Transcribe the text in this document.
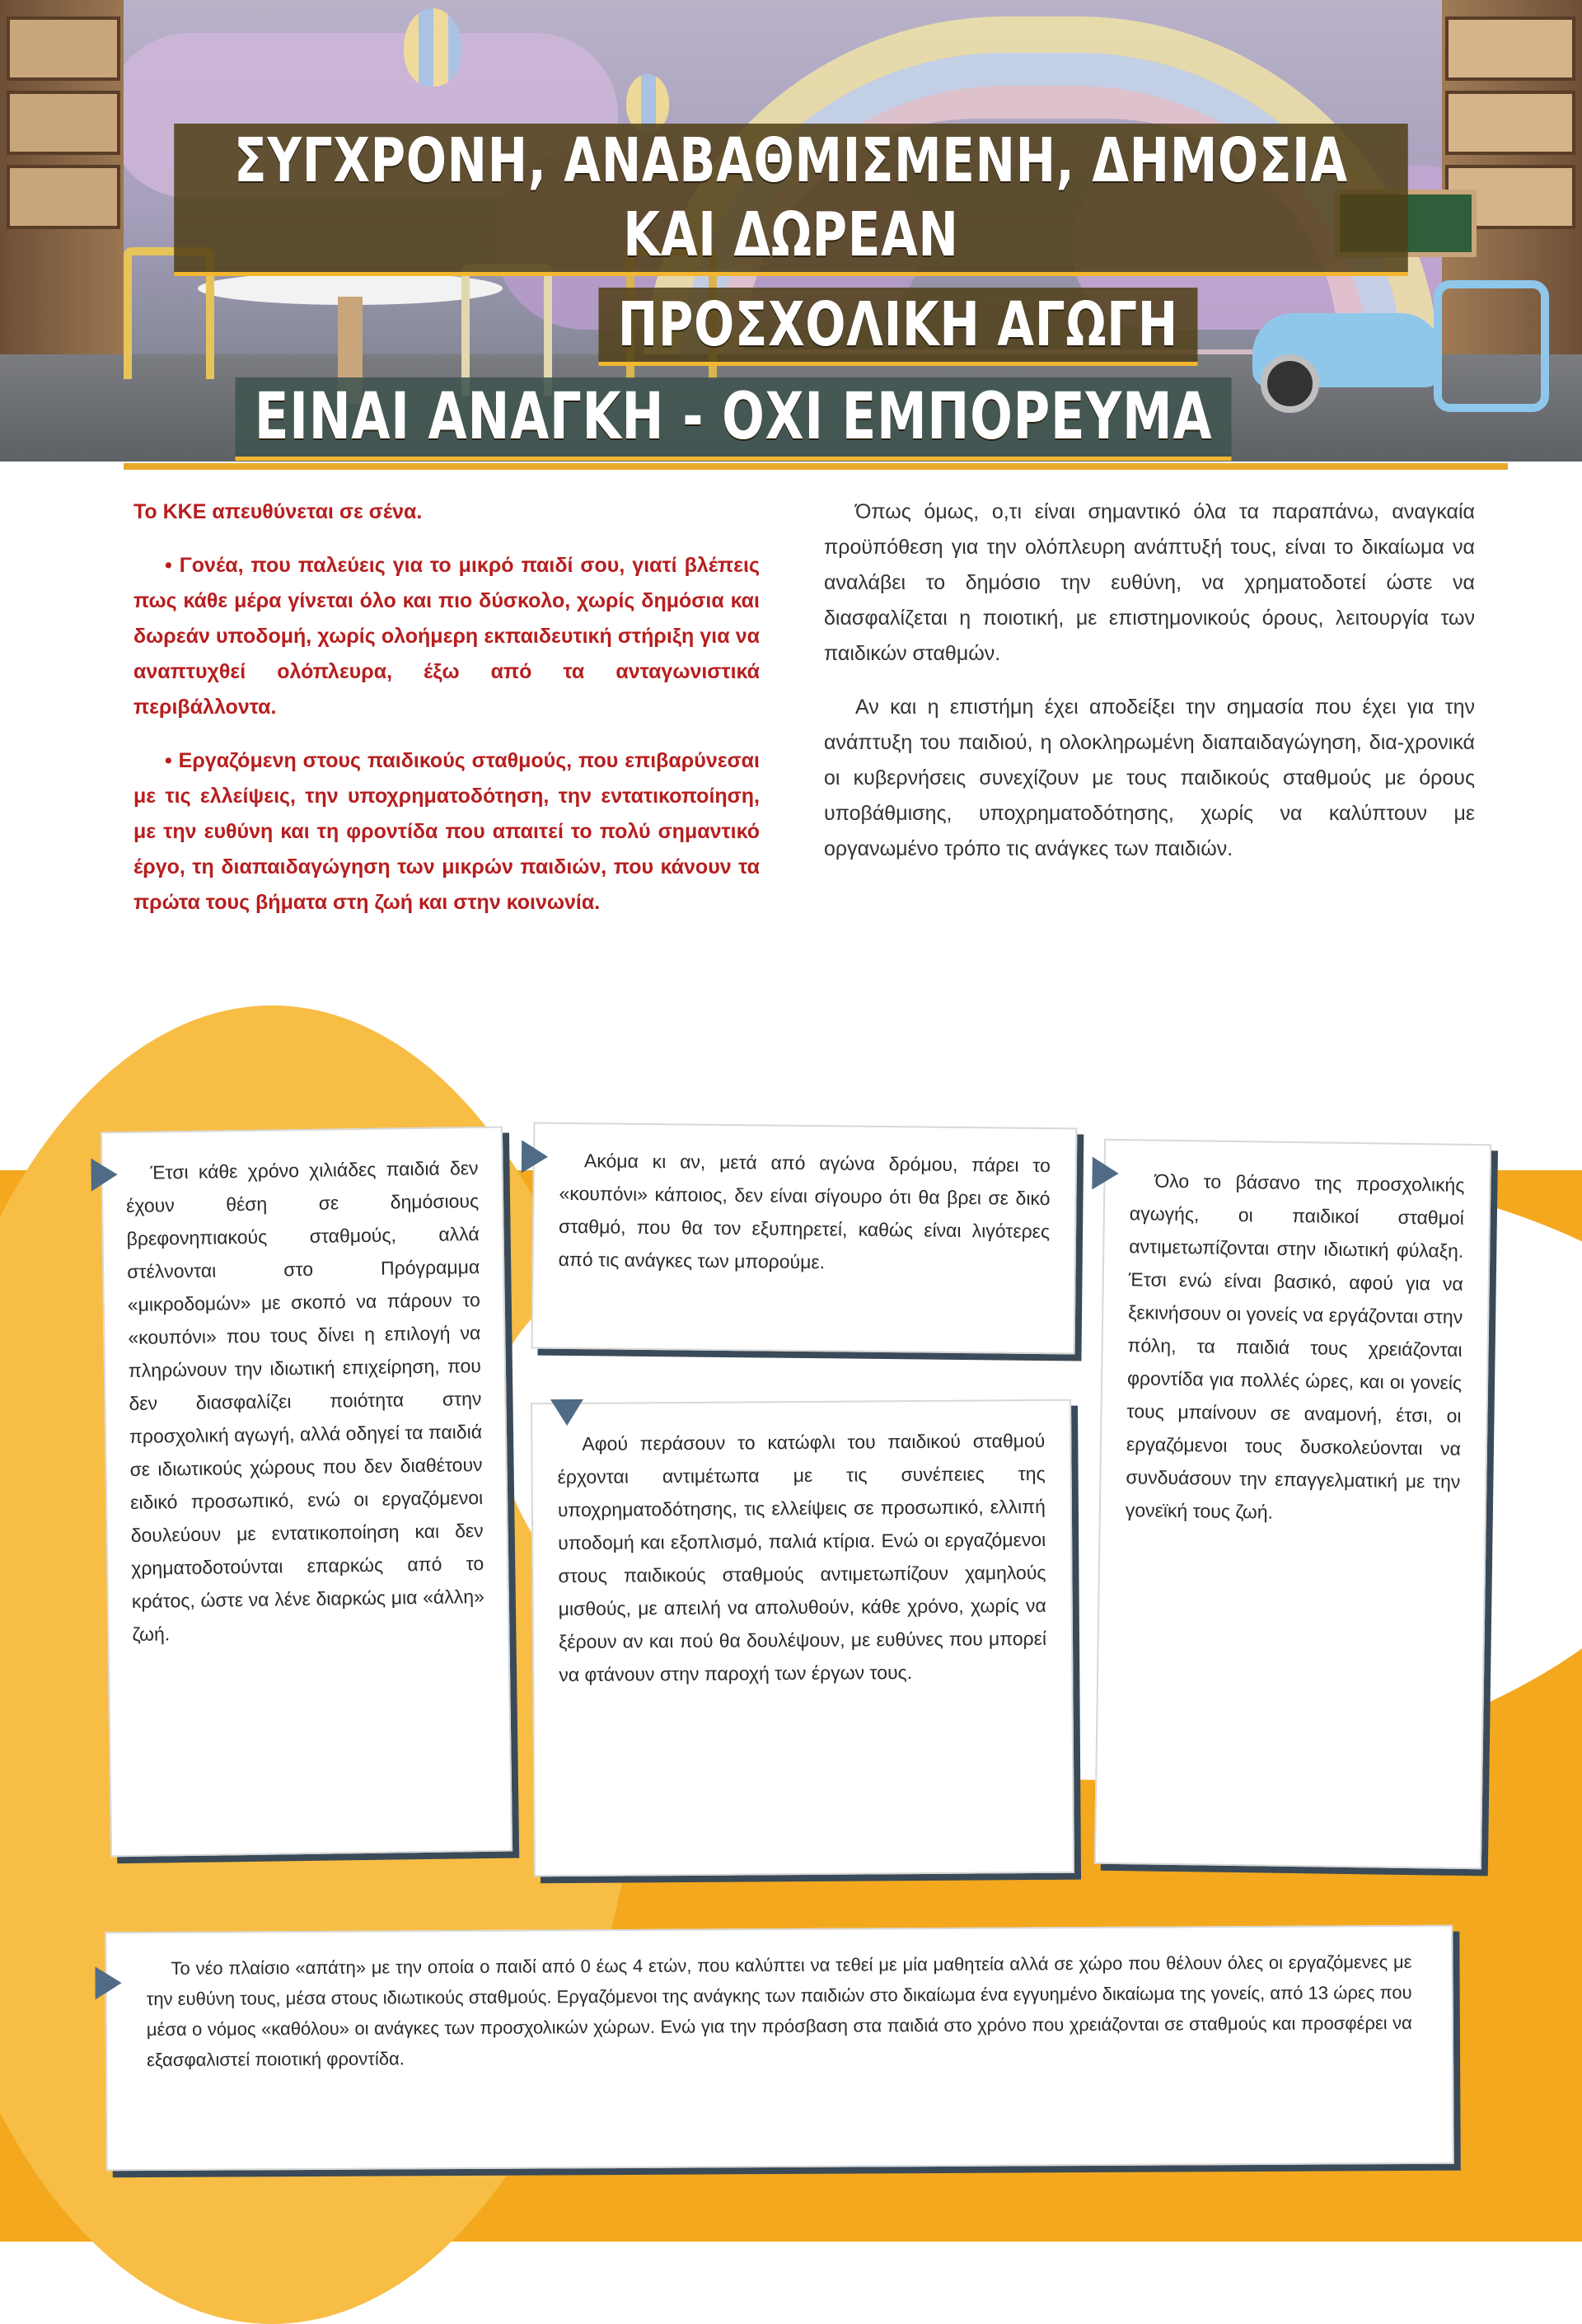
ΣΥΓΧΡΟΝΗ, ΑΝΑΒΑΘΜΙΣΜΕΝΗ, ΔΗΜΟΣΙΑ ΚΑΙ ΔΩΡΕΑΝ
ΠΡΟΣΧΟΛΙΚΗ ΑΓΩΓΗ
ΕΙΝΑΙ ΑΝΑΓΚΗ - ΟΧΙ ΕΜΠΟΡΕΥΜΑ

Το ΚΚΕ απευθύνεται σε σένα.

• Γονέα, που παλεύεις για το μικρό παιδί σου, γιατί βλέπεις πως κάθε μέρα γίνεται όλο και πιο δύσκολο, χωρίς δημόσια και δωρεάν υποδομή, χωρίς ολοήμερη εκπαιδευτική στήριξη για να αναπτυχθεί ολόπλευρα, έξω από τα ανταγωνιστικά περιβάλλοντα.

• Εργαζόμενη στους παιδικούς σταθμούς, που επιβαρύνεσαι με τις ελλείψεις, την υποχρηματοδότηση, την εντατικοποίηση, με την ευθύνη και τη φροντίδα που απαιτεί το πολύ σημαντικό έργο, τη διαπαιδαγώγηση των μικρών παιδιών, που κάνουν τα πρώτα τους βήματα στη ζωή και στην κοινωνία.

Όπως όμως, ο,τι είναι σημαντικό όλα τα παραπάνω, αναγκαία προϋπόθεση για την ολόπλευρη ανάπτυξή τους, είναι το δικαίωμα να αναλάβει το δημόσιο την ευθύνη, να χρηματοδοτεί ώστε να διασφαλίζεται η ποιοτική, με επιστημονικούς όρους, λειτουργία των παιδικών σταθμών.

Αν και η επιστήμη έχει αποδείξει την σημασία που έχει για την ανάπτυξη του παιδιού, η ολοκληρωμένη διαπαιδαγώγηση, δια-χρονικά οι κυβερνήσεις συνεχίζουν με τους παιδικούς σταθμούς με όρους υποβάθμισης, υποχρηματοδότησης, χωρίς να καλύπτουν με οργανωμένο τρόπο τις ανάγκες των παιδιών.

Έτσι κάθε χρόνο χιλιάδες παιδιά δεν έχουν θέση σε δημόσιους βρεφονηπιακούς σταθμούς, αλλά στέλνονται στο Πρόγραμμα «μικροδομών» με σκοπό να πάρουν το «κουπόνι» που τους δίνει η επιλογή να πληρώνουν την ιδιωτική επιχείρηση, που δεν διασφαλίζει ποιότητα στην προσχολική αγωγή, αλλά οδηγεί τα παιδιά σε ιδιωτικούς χώρους που δεν διαθέτουν ειδικό προσωπικό, ενώ οι εργαζόμενοι δουλεύουν με εντατικοποίηση και δεν χρηματοδοτούνται επαρκώς από το κράτος, ώστε να λένε διαρκώς μια «άλλη» ζωή.

Ακόμα κι αν, μετά από αγώνα δρόμου, πάρει το «κουπόνι» κάποιος, δεν είναι σίγουρο ότι θα βρει σε δικό σταθμό, που θα τον εξυπηρετεί, καθώς είναι λιγότερες από τις ανάγκες των μπορούμε.

Αφού περάσουν το κατώφλι του παιδικού σταθμού έρχονται αντιμέτωπα με τις συνέπειες της υποχρηματοδότησης, τις ελλείψεις σε προσωπικό, ελλιπή υποδομή και εξοπλισμό, παλιά κτίρια. Ενώ οι εργαζόμενοι στους παιδικούς σταθμούς αντιμετωπίζουν χαμηλούς μισθούς, με απειλή να απολυθούν, κάθε χρόνο, χωρίς να ξέρουν αν και πού θα δουλέψουν, με ευθύνες που μπορεί να φτάνουν στην παροχή των έργων τους.

Όλο το βάσανο της προσχολικής αγωγής, οι παιδικοί σταθμοί αντιμετωπίζονται στην ιδιωτική φύλαξη. Έτσι ενώ είναι βασικό, αφού για να ξεκινήσουν οι γονείς να εργάζονται στην πόλη, τα παιδιά τους χρειάζονται φροντίδα για πολλές ώρες, και οι γονείς τους μπαίνουν σε αναμονή, έτσι, οι εργαζόμενοι τους δυσκολεύονται να συνδυάσουν την επαγγελματική με την γονεϊκή τους ζωή.

Το νέο πλαίσιο «απάτη» με την οποία ο παιδί από 0 έως 4 ετών, που καλύπτει να τεθεί με μία μαθητεία αλλά σε χώρο που θέλουν όλες οι εργαζόμενες με την ευθύνη τους, μέσα στους ιδιωτικούς σταθμούς. Εργαζόμενοι της ανάγκης των παιδιών στο δικαίωμα ένα εγγυημένο δικαίωμα της γονείς, από 13 ώρες που μέσα ο νόμος «καθόλου» οι ανάγκες των προσχολικών χώρων. Ενώ για την πρόσβαση στα παιδιά στο χρόνο που χρειάζονται σε σταθμούς και προσφέρει να εξασφαλιστεί ποιοτική φροντίδα.
